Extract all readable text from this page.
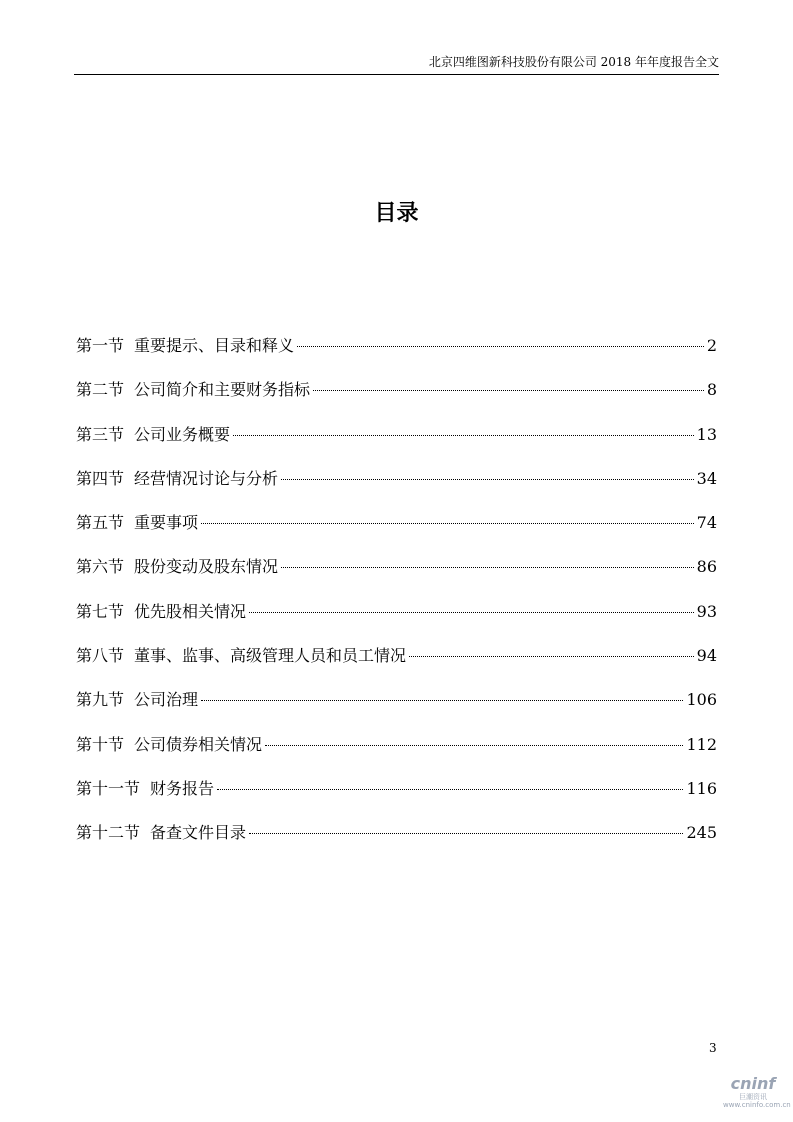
北京四维图新科技股份有限公司 2018 年年度报告全文
目录
第一节 重要提示、目录和释义	2
第二节 公司简介和主要财务指标	8
第三节 公司业务概要	13
第四节 经营情况讨论与分析	34
第五节 重要事项	74
第六节 股份变动及股东情况	86
第七节 优先股相关情况	93
第八节 董事、监事、高级管理人员和员工情况	94
第九节 公司治理	106
第十节 公司债券相关情况	112
第十一节 财务报告	116
第十二节 备查文件目录	245
3
cninf
巨潮资讯
www.cninfo.com.cn
